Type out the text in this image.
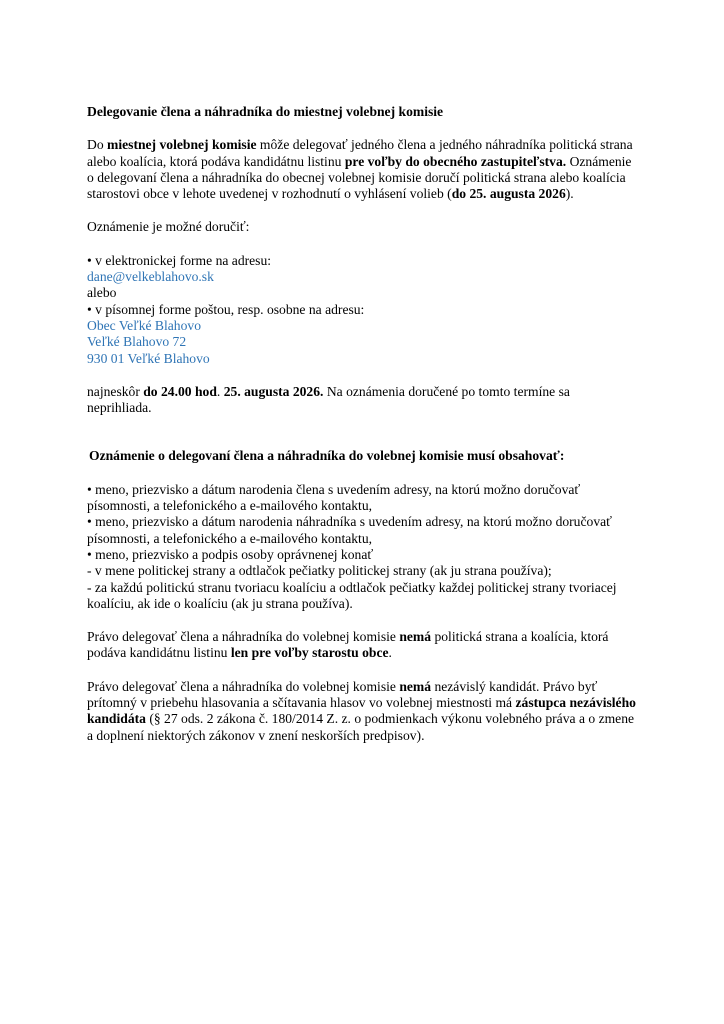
Delegovanie člena a náhradníka do miestnej volebnej komisie

Do miestnej volebnej komisie môže delegovať jedného člena a jedného náhradníka politická strana alebo koalícia, ktorá podáva kandidátnu listinu pre voľby do obecného zastupiteľstva. Oznámenie o delegovaní člena a náhradníka do obecnej volebnej komisie doručí politická strana alebo koalícia starostovi obce v lehote uvedenej v rozhodnutí o vyhlásení volieb (do 25. augusta 2026).

Oznámenie je možné doručiť:

• v elektronickej forme na adresu:

dane@velkeblahovo.sk

alebo

• v písomnej forme poštou, resp. osobne na adresu:

Obec Veľké Blahovo

Veľké Blahovo 72

930 01 Veľké Blahovo

najneskôr do 24.00 hod. 25. augusta 2026. Na oznámenia doručené po tomto termíne sa neprihliada.

Oznámenie o delegovaní člena a náhradníka do volebnej komisie musí obsahovať:

• meno, priezvisko a dátum narodenia člena s uvedením adresy, na ktorú možno doručovať písomnosti, a telefonického a e-mailového kontaktu,

• meno, priezvisko a dátum narodenia náhradníka s uvedením adresy, na ktorú možno doručovať písomnosti, a telefonického a e-mailového kontaktu,

• meno, priezvisko a podpis osoby oprávnenej konať

- v mene politickej strany a odtlačok pečiatky politickej strany (ak ju strana používa);

- za každú politickú stranu tvoriacu koalíciu a odtlačok pečiatky každej politickej strany tvoriacej koalíciu, ak ide o koalíciu (ak ju strana používa).

Právo delegovať člena a náhradníka do volebnej komisie nemá politická strana a koalícia, ktorá podáva kandidátnu listinu len pre voľby starostu obce.

Právo delegovať člena a náhradníka do volebnej komisie nemá nezávislý kandidát. Právo byť prítomný v priebehu hlasovania a sčítavania hlasov vo volebnej miestnosti má zástupca nezávislého kandidáta (§ 27 ods. 2 zákona č. 180/2014 Z. z. o podmienkach výkonu volebného práva a o zmene a doplnení niektorých zákonov v znení neskorších predpisov).
